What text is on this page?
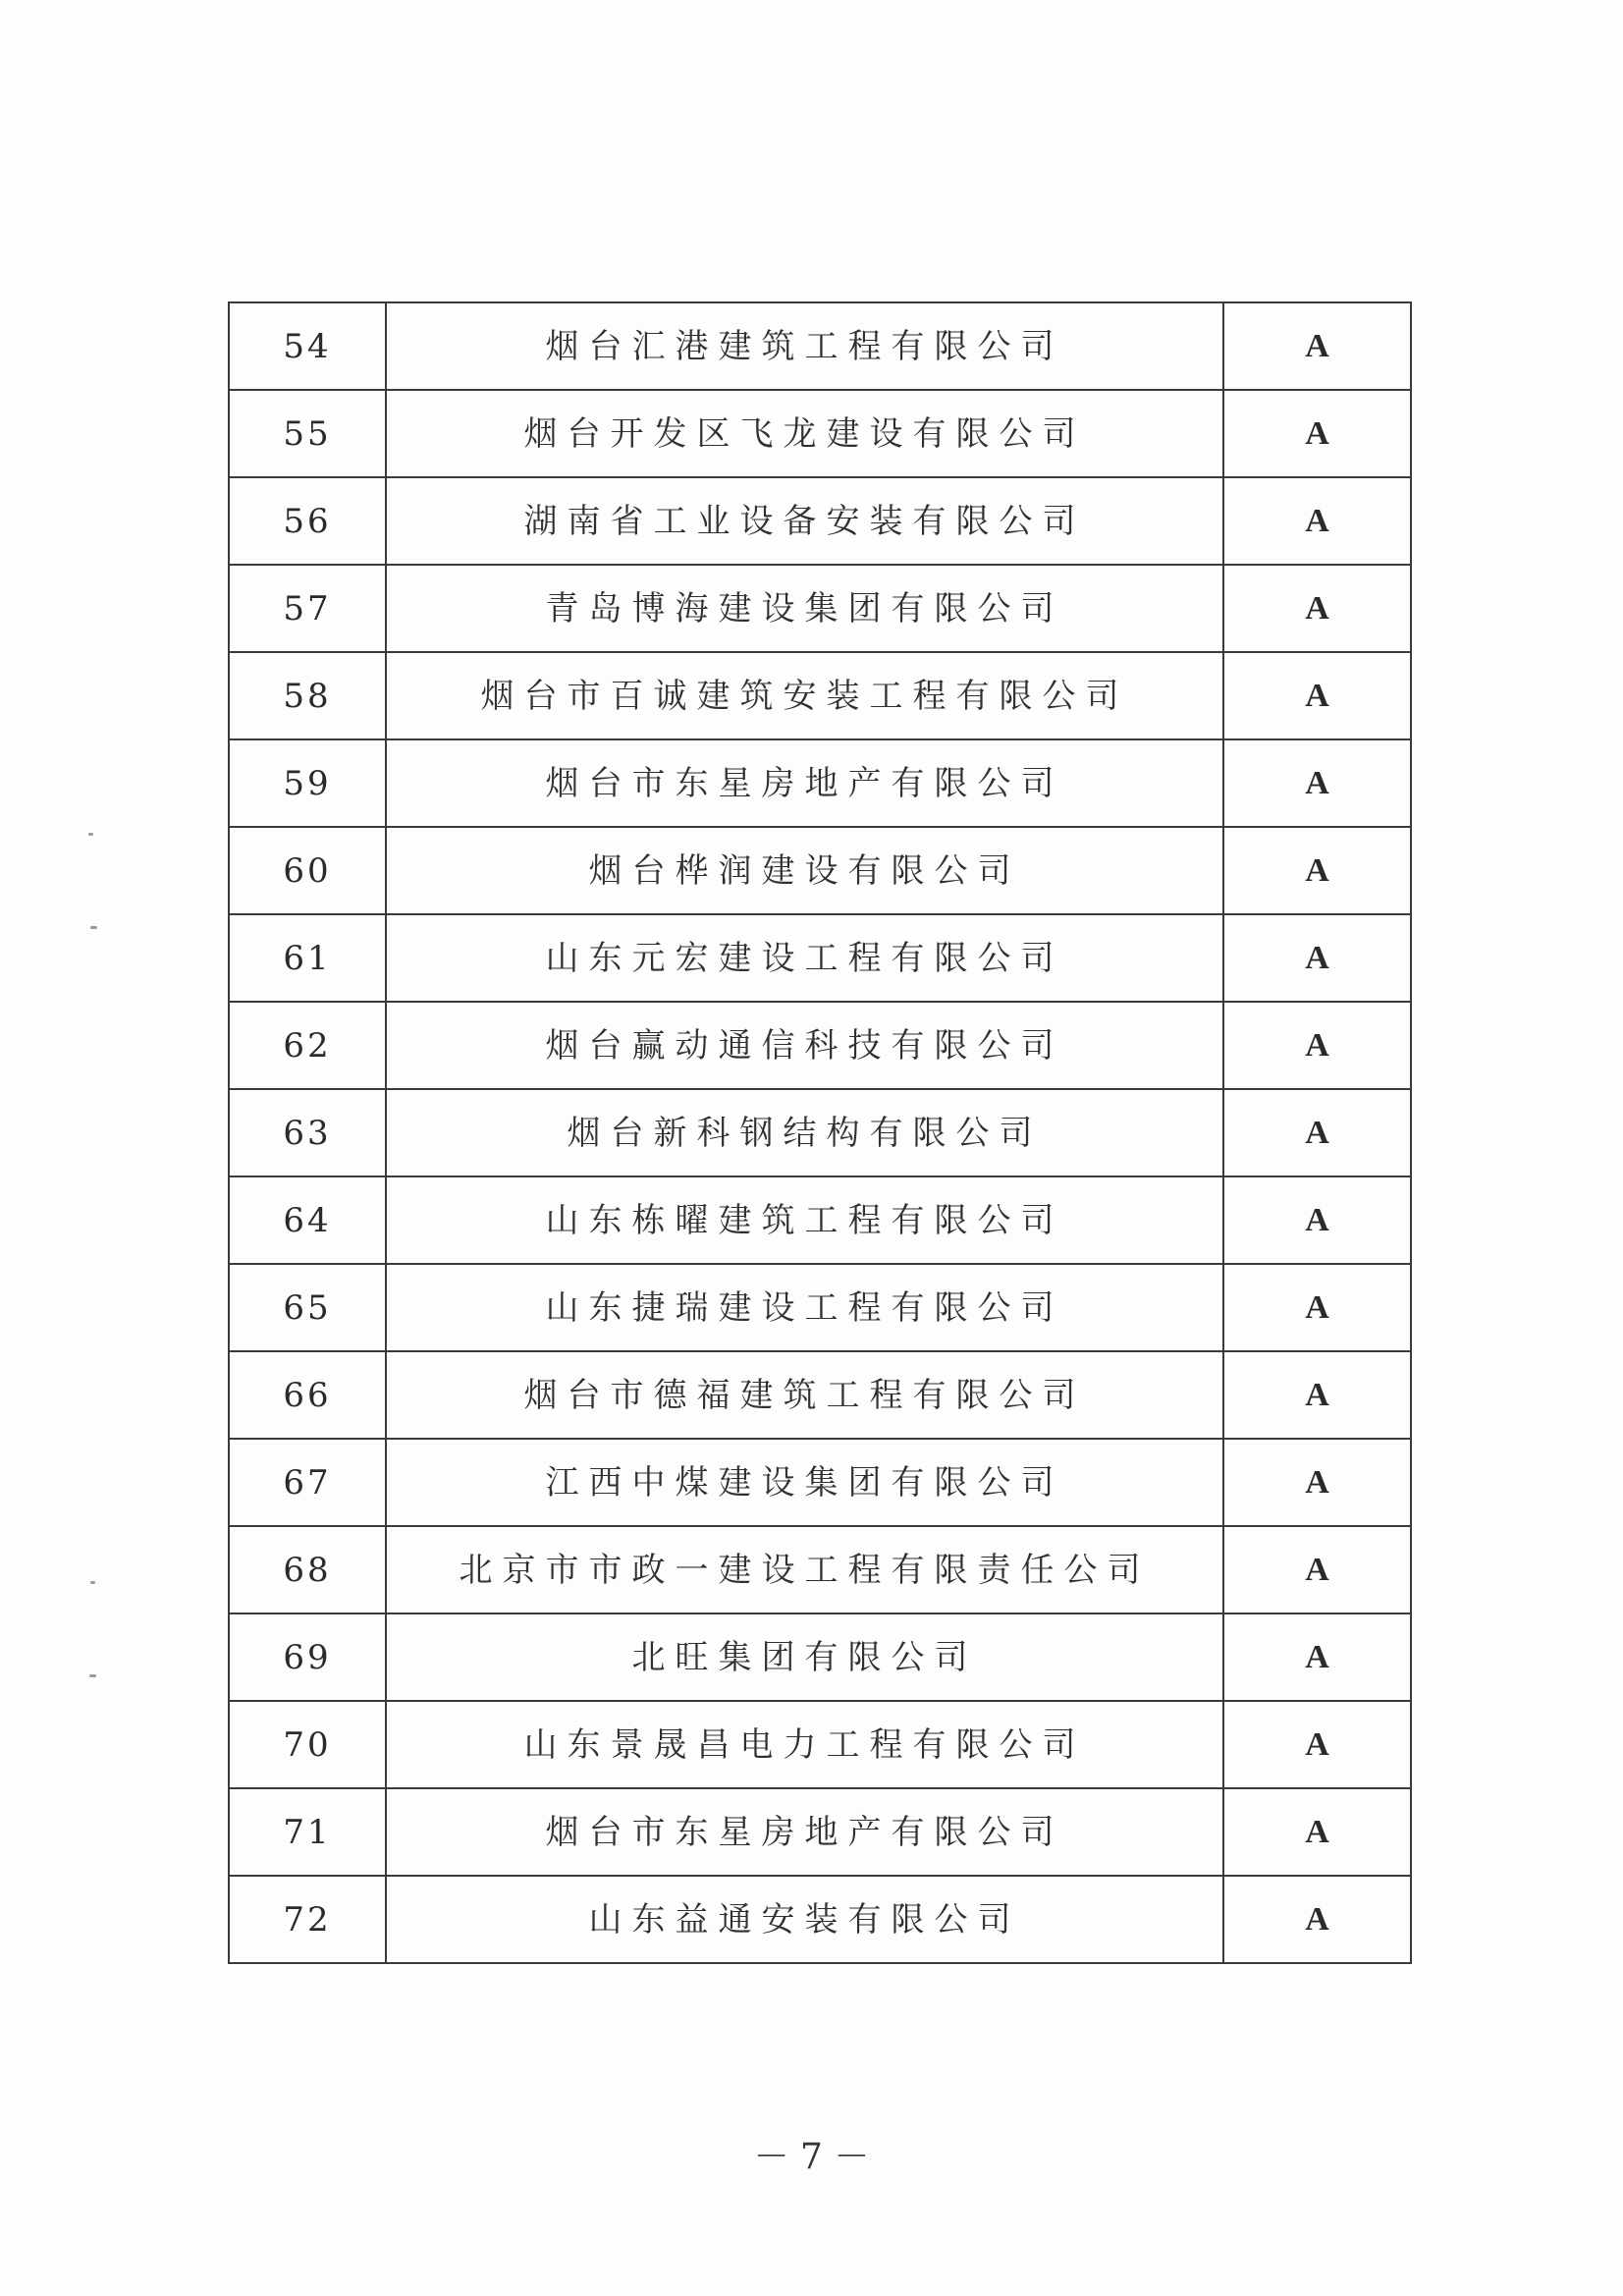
54	烟台汇港建筑工程有限公司	A
55	烟台开发区飞龙建设有限公司	A
56	湖南省工业设备安装有限公司	A
57	青岛博海建设集团有限公司	A
58	烟台市百诚建筑安装工程有限公司	A
59	烟台市东星房地产有限公司	A
60	烟台桦润建设有限公司	A
61	山东元宏建设工程有限公司	A
62	烟台赢动通信科技有限公司	A
63	烟台新科钢结构有限公司	A
64	山东栋曜建筑工程有限公司	A
65	山东捷瑞建设工程有限公司	A
66	烟台市德福建筑工程有限公司	A
67	江西中煤建设集团有限公司	A
68	北京市市政一建设工程有限责任公司	A
69	北旺集团有限公司	A
70	山东景晟昌电力工程有限公司	A
71	烟台市东星房地产有限公司	A
72	山东益通安装有限公司	A
－ 7 －
